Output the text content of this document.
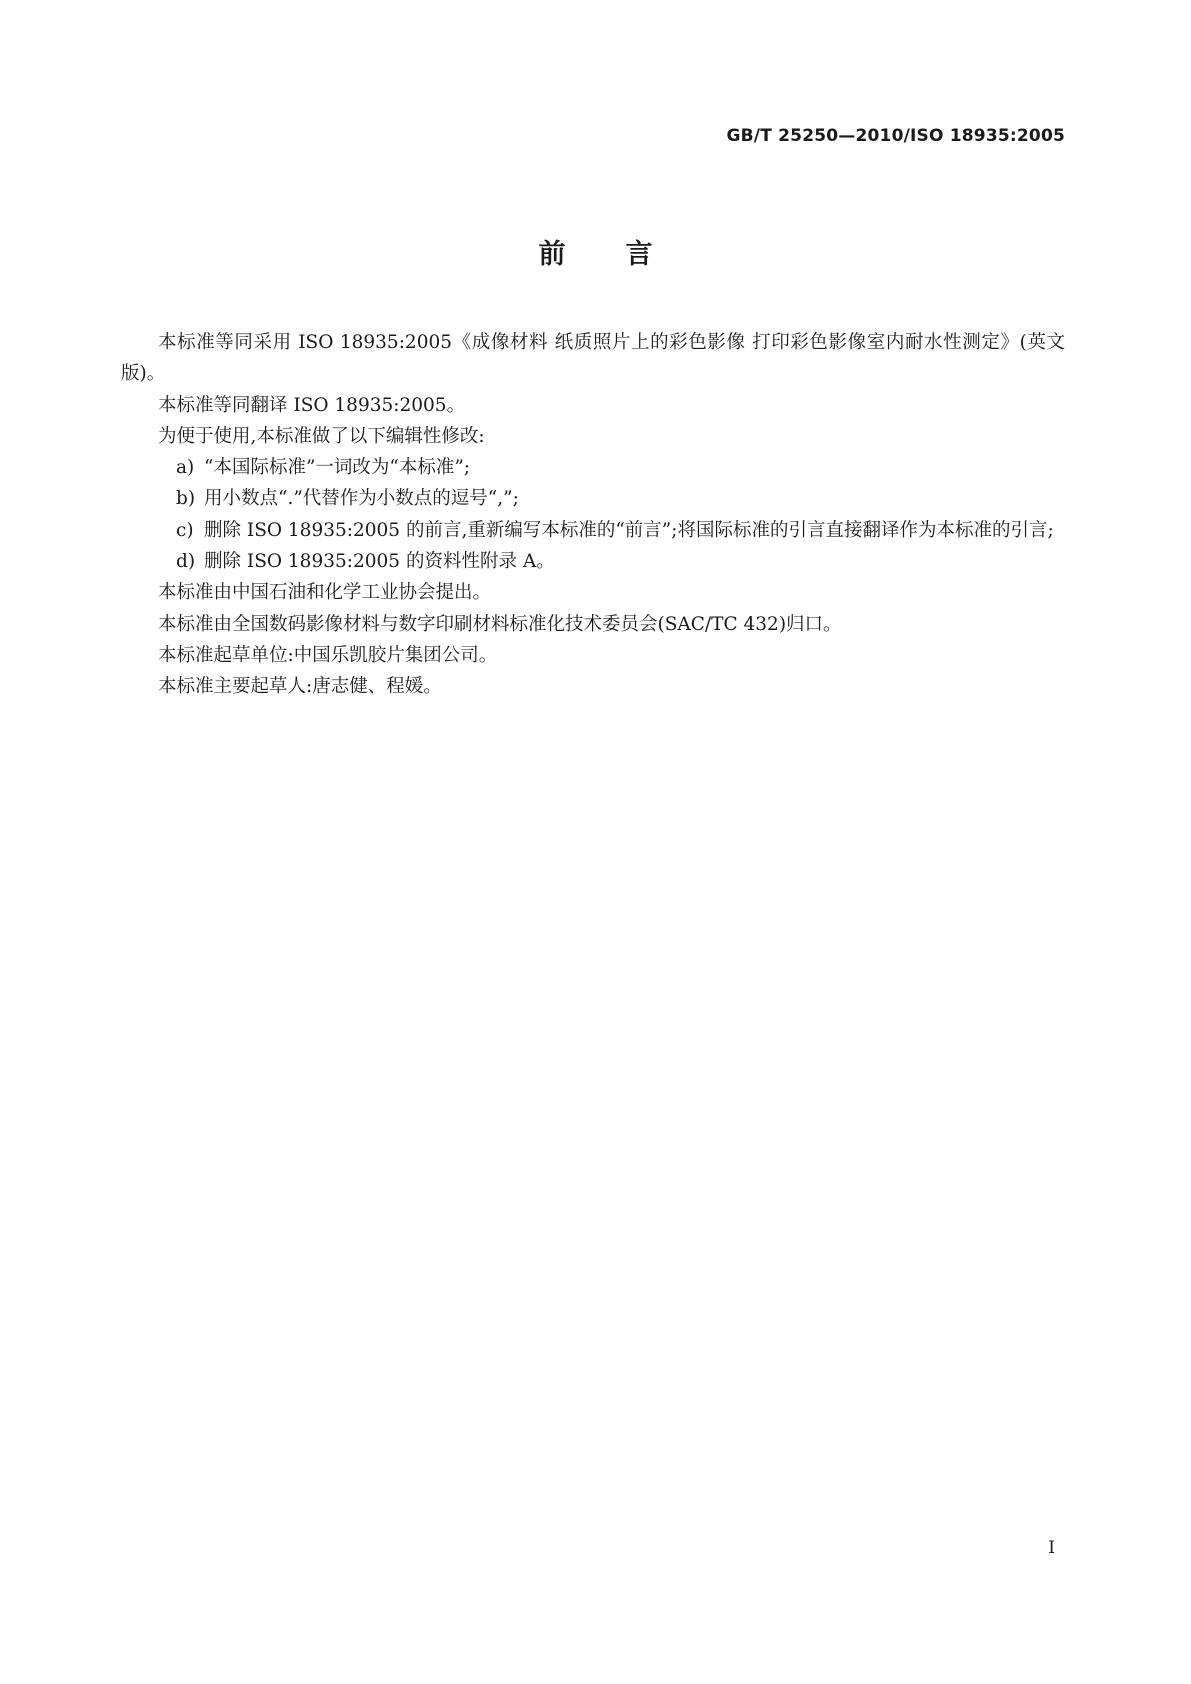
GB/T 25250—2010/ISO 18935:2005
前言

本标准等同采用 ISO 18935:2005《成像材料 纸质照片上的彩色影像 打印彩色影像室内耐水性测定》(英文版)。

本标准等同翻译 ISO 18935:2005。

为便于使用,本标准做了以下编辑性修改:

a) “本国际标准”一词改为“本标准”;
b) 用小数点“.”代替作为小数点的逗号“,”;
c) 删除 ISO 18935:2005 的前言,重新编写本标准的“前言”;将国际标准的引言直接翻译作为本标准的引言;
d) 删除 ISO 18935:2005 的资料性附录 A。

本标准由中国石油和化学工业协会提出。

本标准由全国数码影像材料与数字印刷材料标准化技术委员会(SAC/TC 432)归口。

本标准起草单位:中国乐凯胶片集团公司。

本标准主要起草人:唐志健、程媛。

I
